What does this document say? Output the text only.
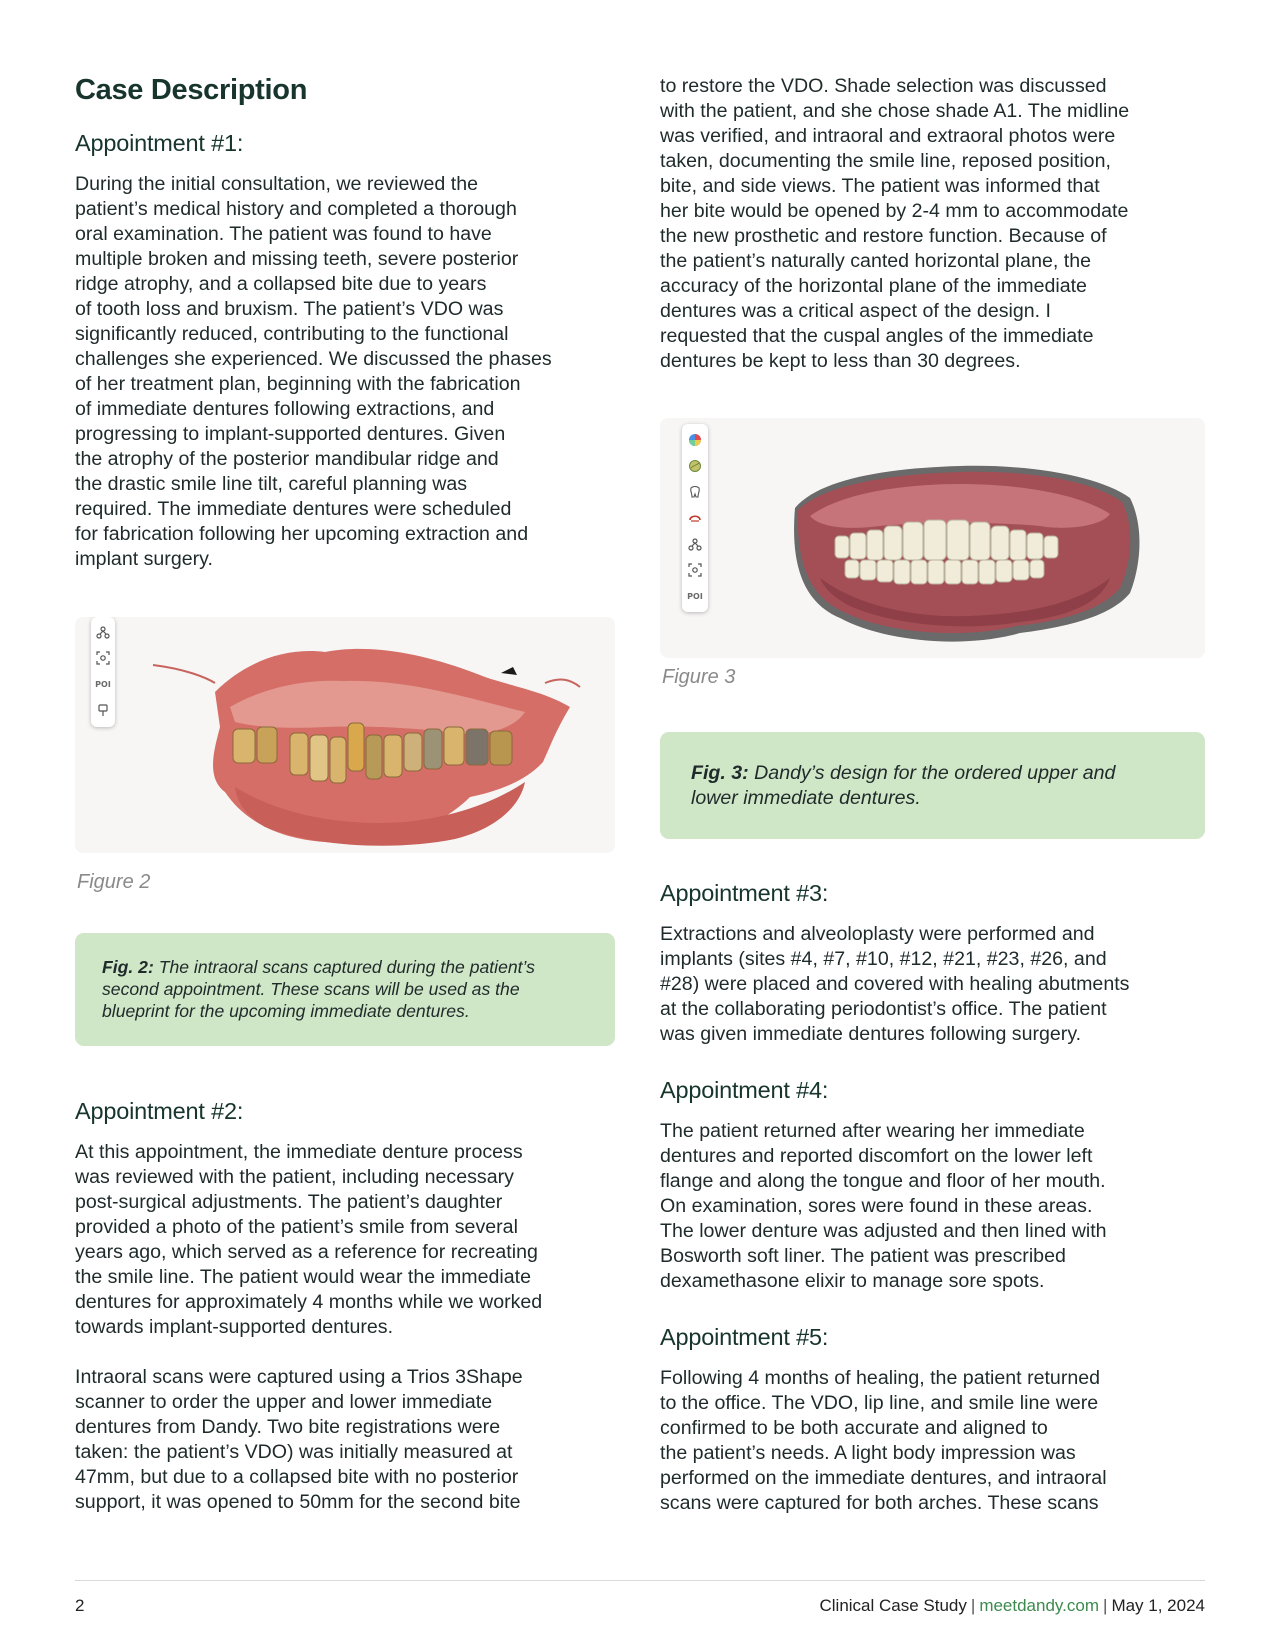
Case Description
Appointment #1:

During the initial consultation, we reviewed the
patient’s medical history and completed a thorough
oral examination. The patient was found to have
multiple broken and missing teeth, severe posterior
ridge atrophy, and a collapsed bite due to years
of tooth loss and bruxism. The patient’s VDO was
significantly reduced, contributing to the functional
challenges she experienced. We discussed the phases
of her treatment plan, beginning with the fabrication
of immediate dentures following extractions, and
progressing to implant-supported dentures. Given
the atrophy of the posterior mandibular ridge and
the drastic smile line tilt, careful planning was
required. The immediate dentures were scheduled
for fabrication following her upcoming extraction and
implant surgery.

POI

Figure 2

Fig. 2: The intraoral scans captured during the patient’s
second appointment. These scans will be used as the
blueprint for the upcoming immediate dentures.
Appointment #2:

At this appointment, the immediate denture process
was reviewed with the patient, including necessary
post-surgical adjustments. The patient’s daughter
provided a photo of the patient’s smile from several
years ago, which served as a reference for recreating
the smile line. The patient would wear the immediate
dentures for approximately 4 months while we worked
towards implant-supported dentures.

Intraoral scans were captured using a Trios 3Shape
scanner to order the upper and lower immediate
dentures from Dandy. Two bite registrations were
taken: the patient’s VDO) was initially measured at
47mm, but due to a collapsed bite with no posterior
support, it was opened to 50mm for the second bite

to restore the VDO. Shade selection was discussed
with the patient, and she chose shade A1. The midline
was verified, and intraoral and extraoral photos were
taken, documenting the smile line, reposed position,
bite, and side views. The patient was informed that
her bite would be opened by 2-4 mm to accommodate
the new prosthetic and restore function. Because of
the patient’s naturally canted horizontal plane, the
accuracy of the horizontal plane of the immediate
dentures was a critical aspect of the design. I
requested that the cuspal angles of the immediate
dentures be kept to less than 30 degrees.

POI

Figure 3

Fig. 3: Dandy’s design for the ordered upper and
lower immediate dentures.
Appointment #3:

Extractions and alveoloplasty were performed and
implants (sites #4, #7, #10, #12, #21, #23, #26, and
#28) were placed and covered with healing abutments
at the collaborating periodontist’s office. The patient
was given immediate dentures following surgery.

Appointment #4:

The patient returned after wearing her immediate
dentures and reported discomfort on the lower left
flange and along the tongue and floor of her mouth.
On examination, sores were found in these areas.
The lower denture was adjusted and then lined with
Bosworth soft liner. The patient was prescribed
dexamethasone elixir to manage sore spots.

Appointment #5:

Following 4 months of healing, the patient returned
to the office. The VDO, lip line, and smile line were
confirmed to be both accurate and aligned to
the patient’s needs. A light body impression was
performed on the immediate dentures, and intraoral
scans were captured for both arches. These scans

2	Clinical Case Study | meetdandy.com | May 1, 2024
